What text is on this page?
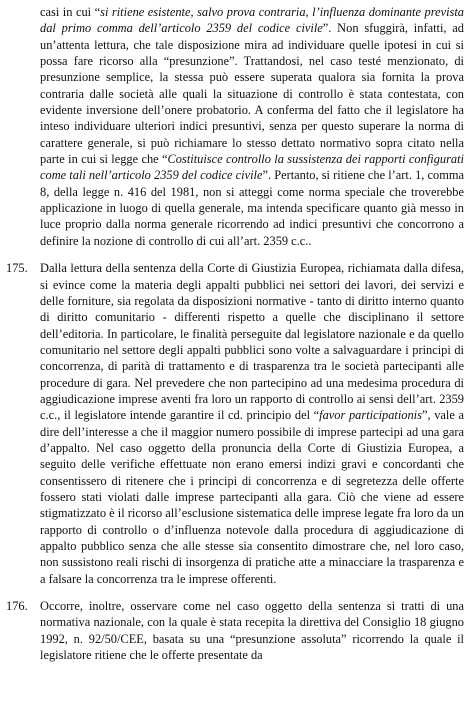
casi in cui “si ritiene esistente, salvo prova contraria, l’influenza dominante prevista dal primo comma dell’articolo 2359 del codice civile”. Non sfuggirà, infatti, ad un’attenta lettura, che tale disposizione mira ad individuare quelle ipotesi in cui si possa fare ricorso alla “presunzione”. Trattandosi, nel caso testé menzionato, di presunzione semplice, la stessa può essere superata qualora sia fornita la prova contraria dalle società alle quali la situazione di controllo è stata contestata, con evidente inversione dell’onere probatorio. A conferma del fatto che il legislatore ha inteso individuare ulteriori indici presuntivi, senza per questo superare la norma di carattere generale, si può richiamare lo stesso dettato normativo sopra citato nella parte in cui si legge che “Costituisce controllo la sussistenza dei rapporti configurati come tali nell’articolo 2359 del codice civile”. Pertanto, si ritiene che l’art. 1, comma 8, della legge n. 416 del 1981, non si atteggi come norma speciale che troverebbe applicazione in luogo di quella generale, ma intenda specificare quanto già messo in luce proprio dalla norma generale ricorrendo ad indici presuntivi che concorrono a definire la nozione di controllo di cui all’art. 2359 c.c..

175. Dalla lettura della sentenza della Corte di Giustizia Europea, richiamata dalla difesa, si evince come la materia degli appalti pubblici nei settori dei lavori, dei servizi e delle forniture, sia regolata da disposizioni normative - tanto di diritto interno quanto di diritto comunitario - differenti rispetto a quelle che disciplinano il settore dell’editoria. In particolare, le finalità perseguite dal legislatore nazionale e da quello comunitario nel settore degli appalti pubblici sono volte a salvaguardare i principi di concorrenza, di parità di trattamento e di trasparenza tra le società partecipanti alle procedure di gara. Nel prevedere che non partecipino ad una medesima procedura di aggiudicazione imprese aventi fra loro un rapporto di controllo ai sensi dell’art. 2359 c.c., il legislatore intende garantire il cd. principio del “favor participationis”, vale a dire dell’interesse a che il maggior numero possibile di imprese partecipi ad una gara d’appalto. Nel caso oggetto della pronuncia della Corte di Giustizia Europea, a seguito delle verifiche effettuate non erano emersi indizi gravi e concordanti che consentissero di ritenere che i principi di concorrenza e di segretezza delle offerte fossero stati violati dalle imprese partecipanti alla gara. Ciò che viene ad essere stigmatizzato è il ricorso all’esclusione sistematica delle imprese legate fra loro da un rapporto di controllo o d’influenza notevole dalla procedura di aggiudicazione di appalto pubblico senza che alle stesse sia consentito dimostrare che, nel loro caso, non sussistono reali rischi di insorgenza di pratiche atte a minacciare la trasparenza e a falsare la concorrenza tra le imprese offerenti.
176. Occorre, inoltre, osservare come nel caso oggetto della sentenza si tratti di una normativa nazionale, con la quale è stata recepita la direttiva del Consiglio 18 giugno 1992, n. 92/50/CEE, basata su una “presunzione assoluta” ricorrendo la quale il legislatore ritiene che le offerte presentate da
